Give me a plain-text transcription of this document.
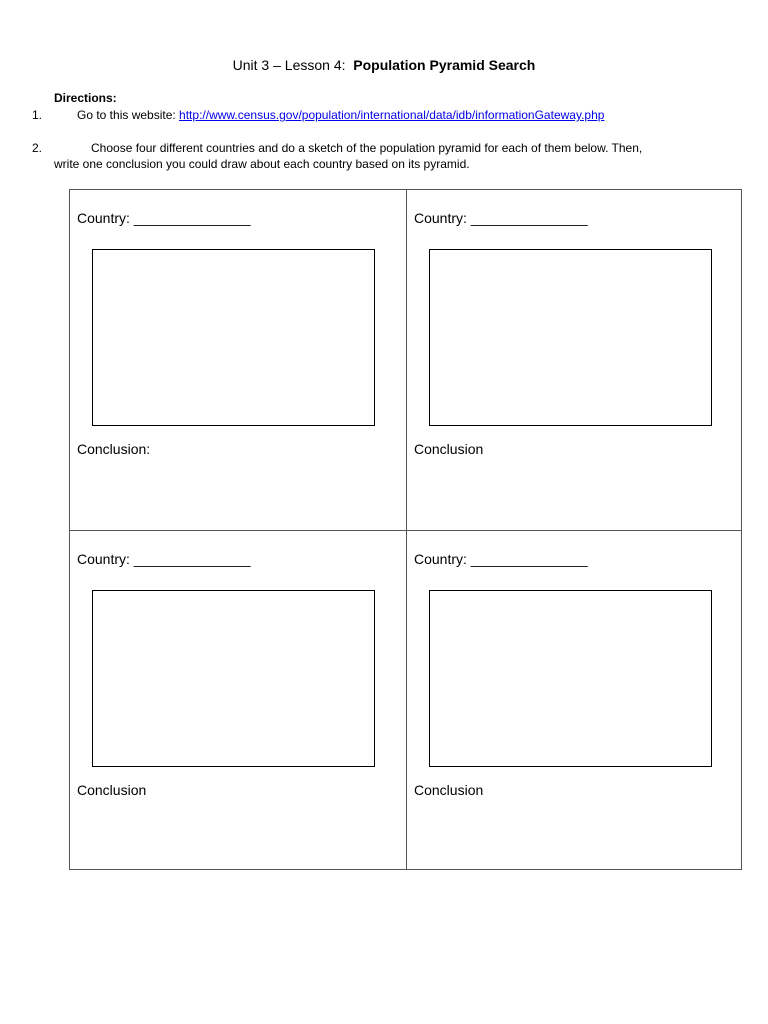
Unit 3 – Lesson 4: Population Pyramid Search
Directions:
1.	Go to this website: http://www.census.gov/population/international/data/idb/informationGateway.php
2.	Choose four different countries and do a sketch of the population pyramid for each of them below. Then,
write one conclusion you could draw about each country based on its pyramid.
Country: _______________
Conclusion:
Country: _______________
Conclusion
Country: _______________
Conclusion
Country: _______________
Conclusion
